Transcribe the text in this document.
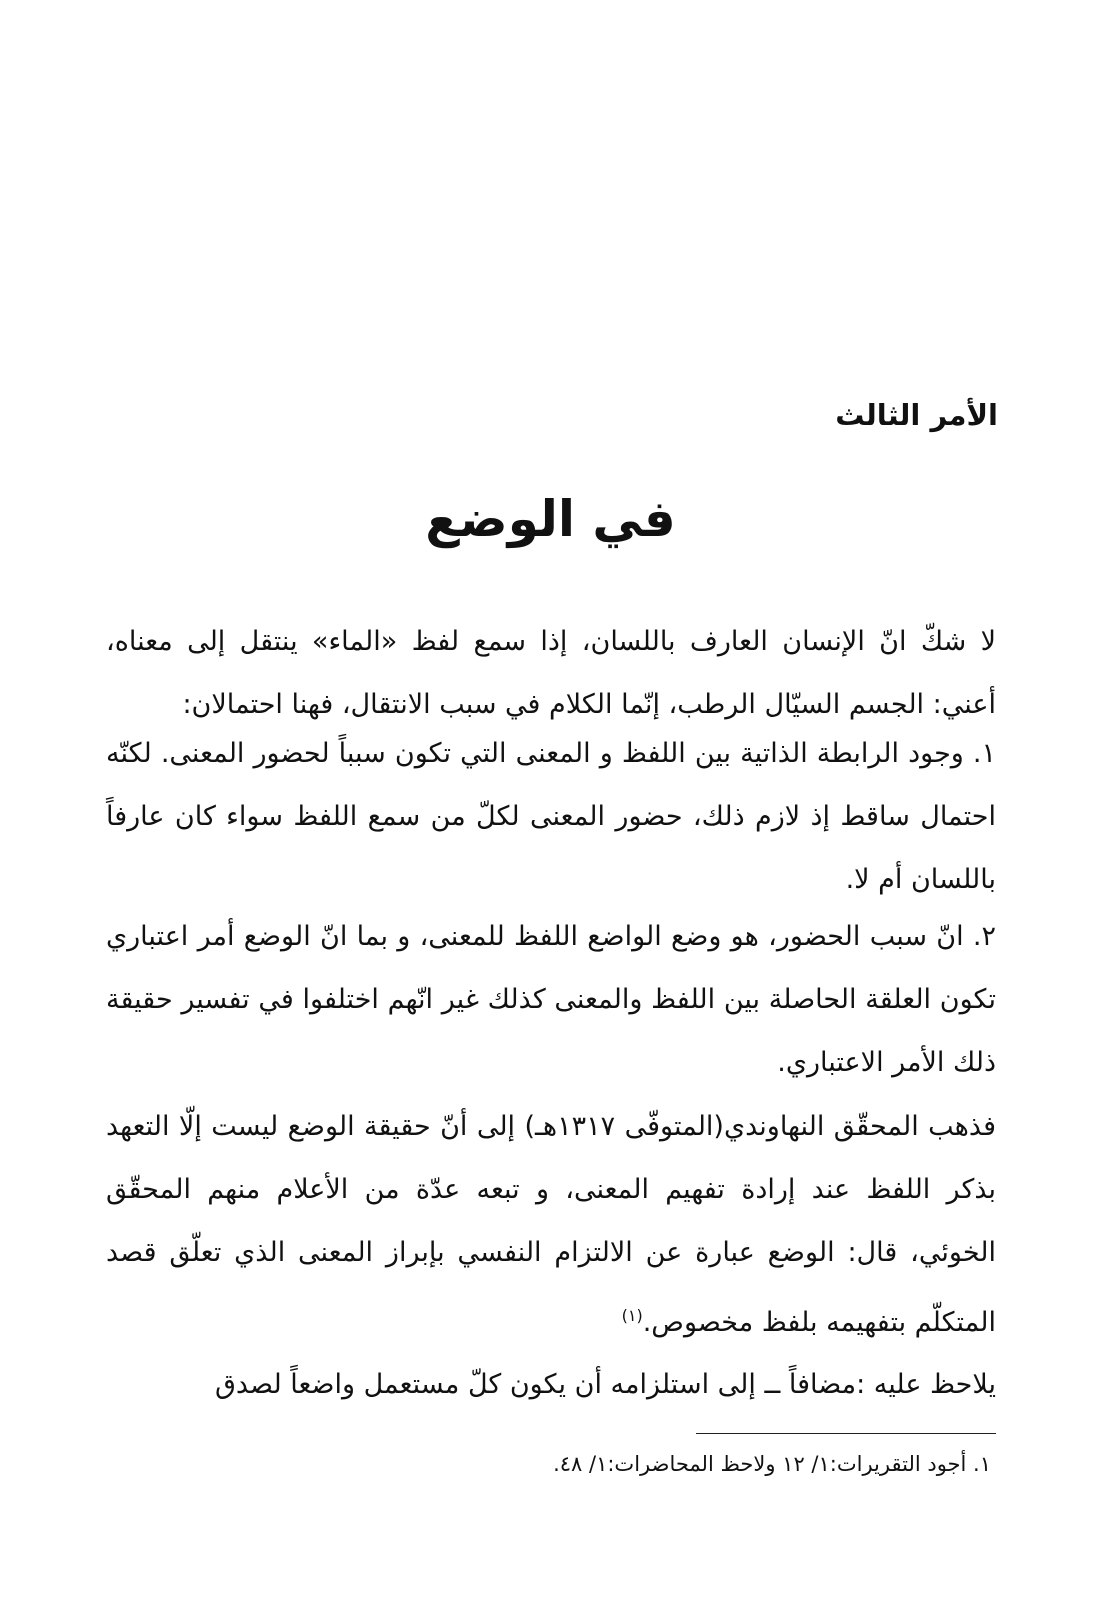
الأمر الثالث
في الوضع

لا شكّ انّ الإنسان العارف باللسان، إذا سمع لفظ «الماء» ينتقل إلى معناه، أعني: الجسم السيّال الرطب، إنّما الكلام في سبب الانتقال، فهنا احتمالان:

١. وجود الرابطة الذاتية بين اللفظ و المعنى التي تكون سبباً لحضور المعنى. لكنّه احتمال ساقط إذ لازم ذلك، حضور المعنى لكلّ من سمع اللفظ سواء كان عارفاً باللسان أم لا.

٢. انّ سبب الحضور، هو وضع الواضع اللفظ للمعنى، و بما انّ الوضع أمر اعتباري تكون العلقة الحاصلة بين اللفظ والمعنى كذلك غير انّهم اختلفوا في تفسير حقيقة ذلك الأمر الاعتباري.

فذهب المحقّق النهاوندي(المتوفّى ١٣١٧هـ) إلى أنّ حقيقة الوضع ليست إلّا التعهد بذكر اللفظ عند إرادة تفهيم المعنى، و تبعه عدّة من الأعلام منهم المحقّق الخوئي، قال: الوضع عبارة عن الالتزام النفسي بإبراز المعنى الذي تعلّق قصد المتكلّم بتفهيمه بلفظ مخصوص.$^{(١)}$

يلاحظ عليه :مضافاً ــ إلى استلزامه أن يكون كلّ مستعمل واضعاً لصدق

١. أجود التقريرات:١/ ١٢ ولاحظ المحاضرات:١/ ٤٨.
